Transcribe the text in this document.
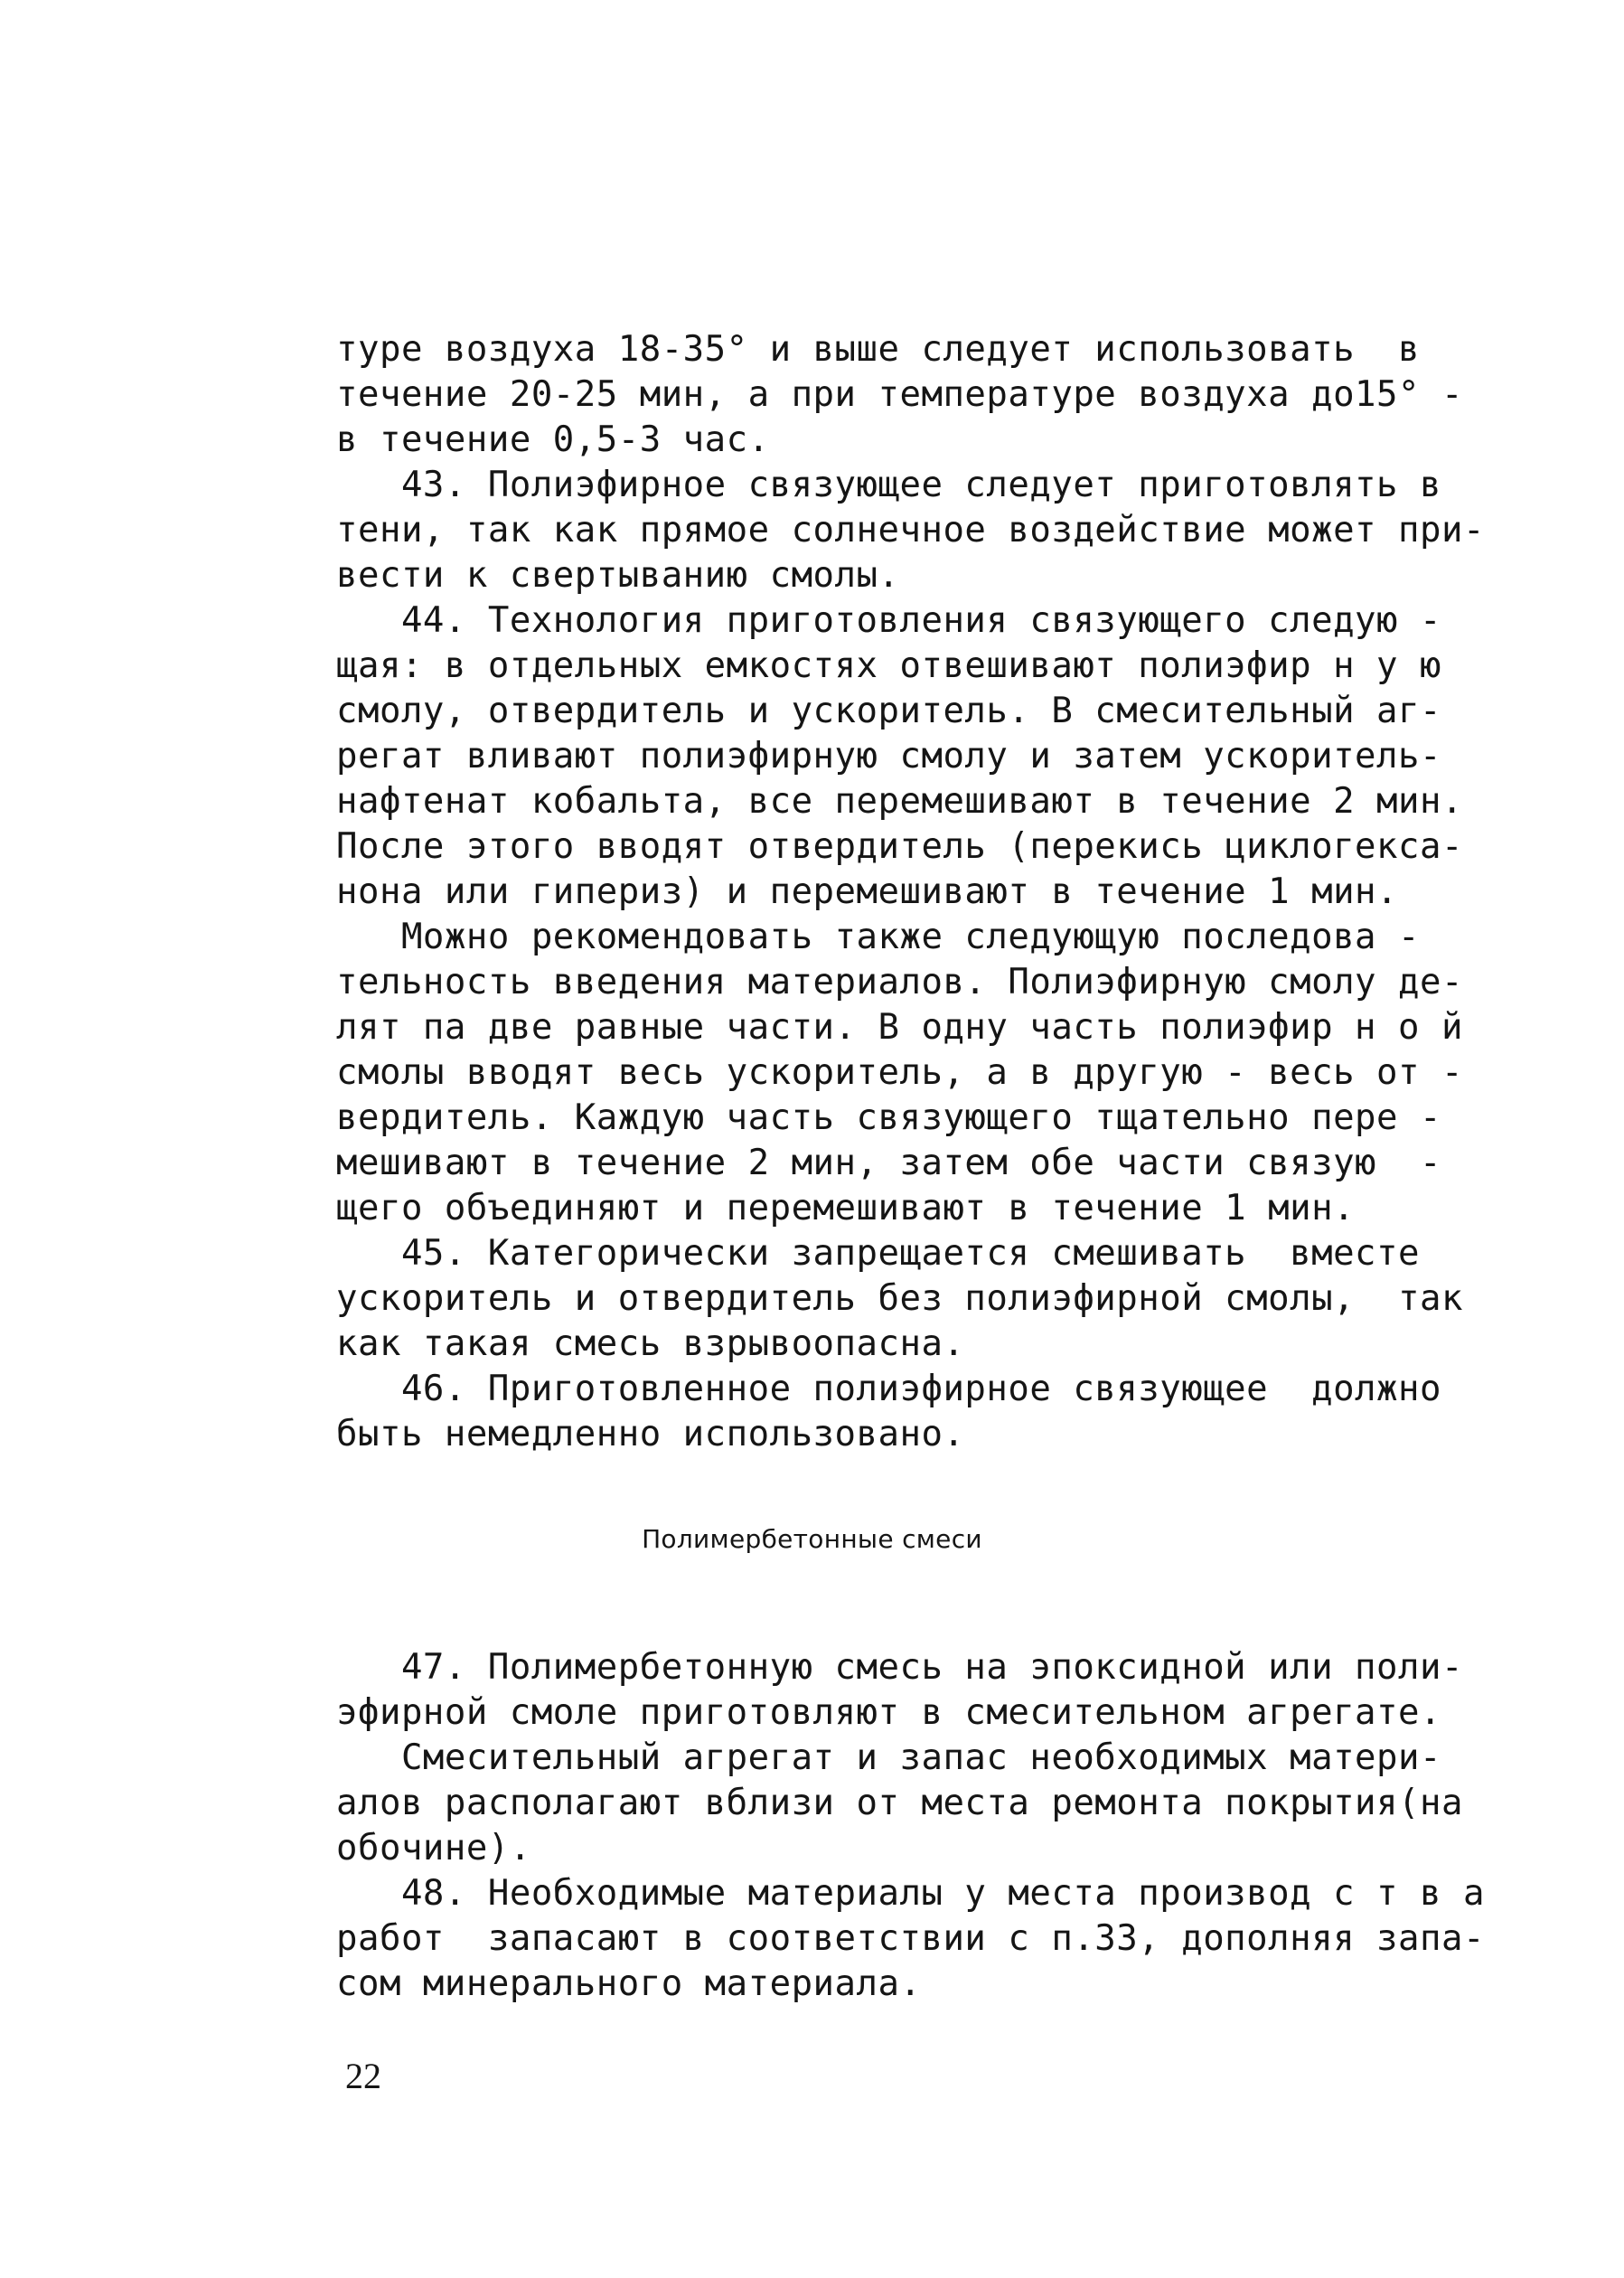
туре воздуха 18-35° и выше следует использовать  в
течение 20-25 мин, а при температуре воздуха до15° -
в течение 0,5-3 час.
43. Полиэфирное связующее следует приготовлять в
тени, так как прямое солнечное воздействие может при-
вести к свертыванию смолы.
44. Технология приготовления связующего следую -
щая: в отдельных емкостях отвешивают полиэфир н у ю
смолу, отвердитель и ускоритель. В смесительный аг-
регат вливают полиэфирную смолу и затем ускоритель-
нафтенат кобальта, все перемешивают в течение 2 мин.
После этого вводят отвердитель (перекись циклогекса-
нона или гипериз) и перемешивают в течение 1 мин.
Можно рекомендовать также следующую последова -
тельность введения материалов. Полиэфирную смолу де-
лят па две равные части. В одну часть полиэфир н о й
смолы вводят весь ускоритель, а в другую - весь от -
вердитель. Каждую часть связующего тщательно пере -
мешивают в течение 2 мин, затем обе части связую  -
щего объединяют и перемешивают в течение 1 мин.
45. Категорически запрещается смешивать  вместе
ускоритель и отвердитель без полиэфирной смолы,  так
как такая смесь взрывоопасна.
46. Приготовленное полиэфирное связующее  должно
быть немедленно использовано.
Полимербетонные смеси
47. Полимербетонную смесь на эпоксидной или поли-
эфирной смоле приготовляют в смесительном агрегате.
Смесительный агрегат и запас необходимых матери-
алов располагают вблизи от места ремонта покрытия(на
обочине).
48. Необходимые материалы у места производ с т в а
работ  запасают в соответствии с п.33, дополняя запа-
сом минерального материала.
22
